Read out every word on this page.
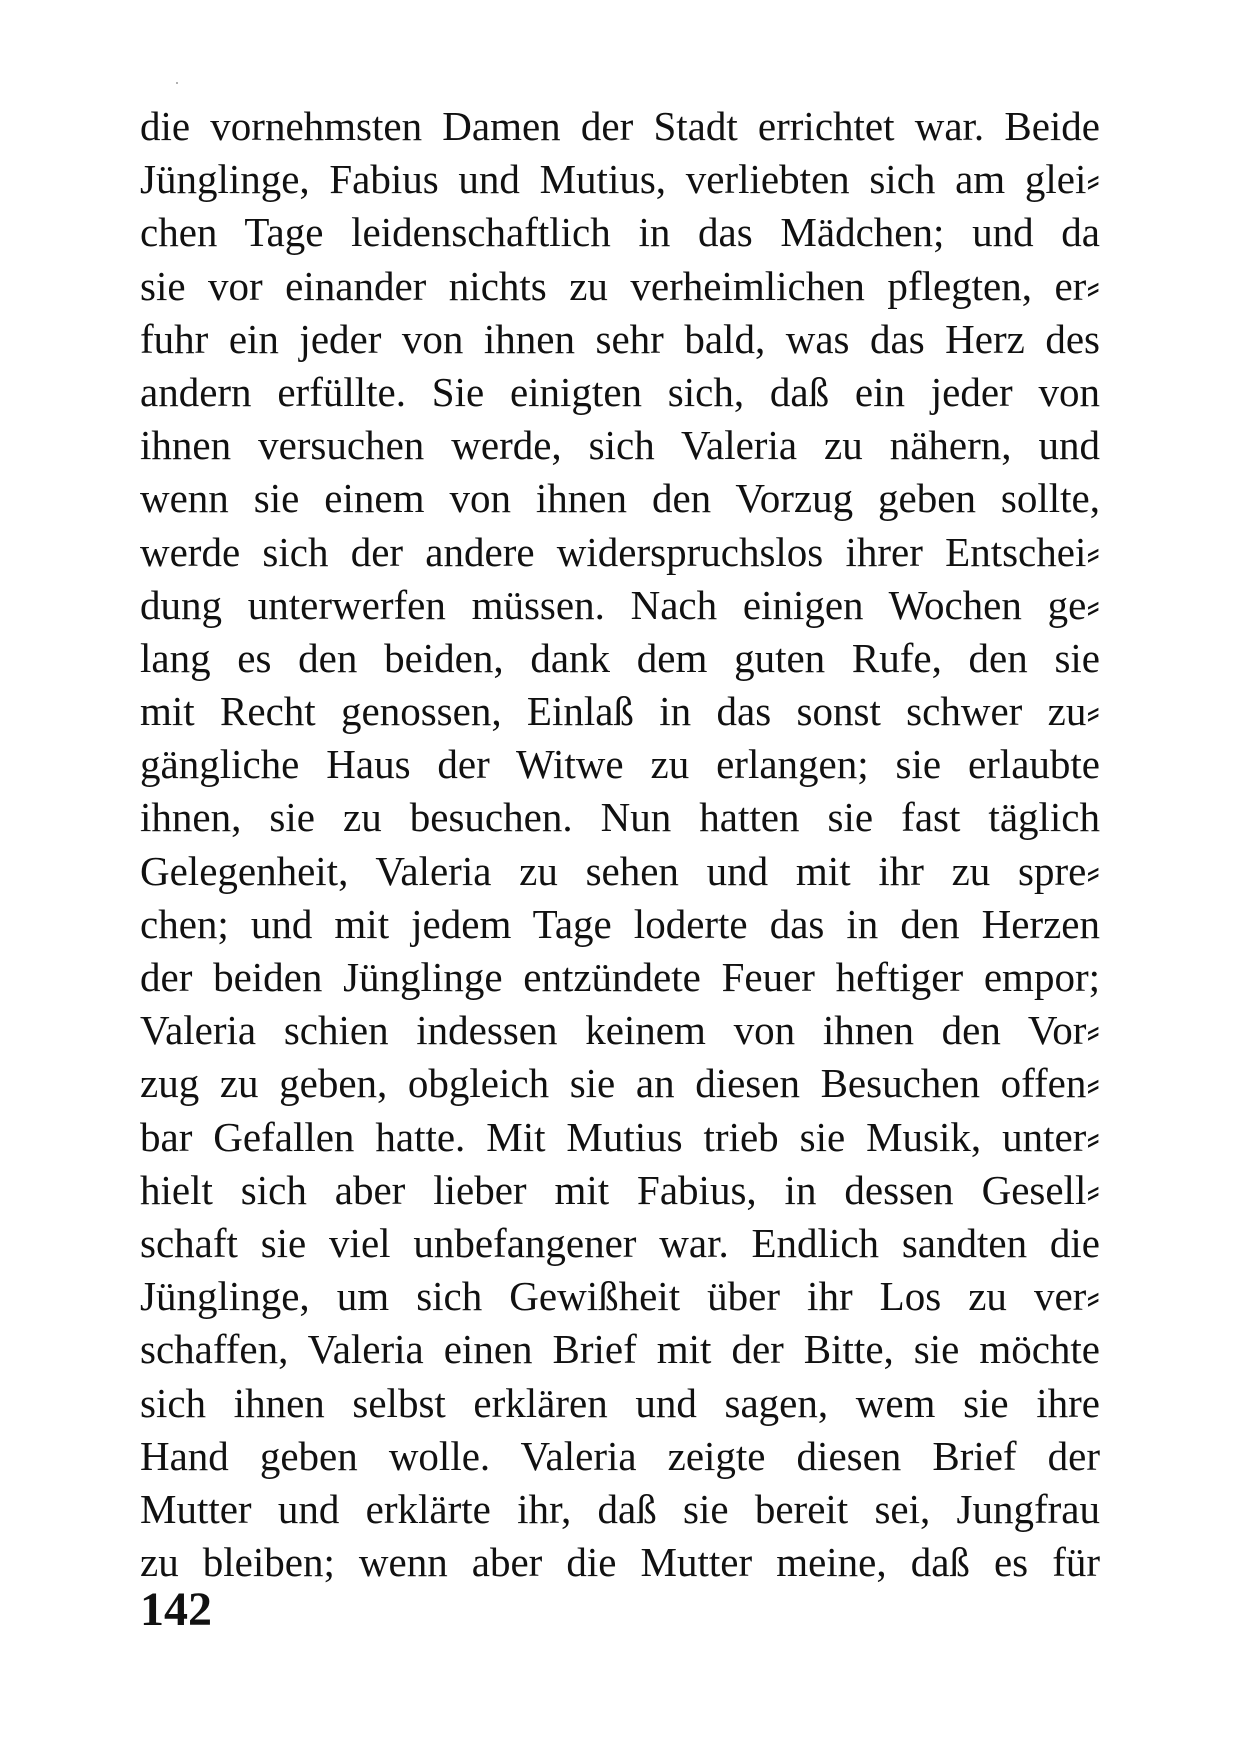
die vornehmsten Damen der Stadt errichtet war. Beide
Jünglinge, Fabius und Mutius, verliebten sich am glei⸗
chen Tage leidenschaftlich in das Mädchen; und da
sie vor einander nichts zu verheimlichen pflegten, er⸗
fuhr ein jeder von ihnen sehr bald, was das Herz des
andern erfüllte. Sie einigten sich, daß ein jeder von
ihnen versuchen werde, sich Valeria zu nähern, und
wenn sie einem von ihnen den Vorzug geben sollte,
werde sich der andere widerspruchslos ihrer Entschei⸗
dung unterwerfen müssen. Nach einigen Wochen ge⸗
lang es den beiden, dank dem guten Rufe, den sie
mit Recht genossen, Einlaß in das sonst schwer zu⸗
gängliche Haus der Witwe zu erlangen; sie erlaubte
ihnen, sie zu besuchen. Nun hatten sie fast täglich
Gelegenheit, Valeria zu sehen und mit ihr zu spre⸗
chen; und mit jedem Tage loderte das in den Herzen
der beiden Jünglinge entzündete Feuer heftiger empor;
Valeria schien indessen keinem von ihnen den Vor⸗
zug zu geben, obgleich sie an diesen Besuchen offen⸗
bar Gefallen hatte. Mit Mutius trieb sie Musik, unter⸗
hielt sich aber lieber mit Fabius, in dessen Gesell⸗
schaft sie viel unbefangener war. Endlich sandten die
Jünglinge, um sich Gewißheit über ihr Los zu ver⸗
schaffen, Valeria einen Brief mit der Bitte, sie möchte
sich ihnen selbst erklären und sagen, wem sie ihre
Hand geben wolle. Valeria zeigte diesen Brief der
Mutter und erklärte ihr, daß sie bereit sei, Jungfrau
zu bleiben; wenn aber die Mutter meine, daß es für
142
